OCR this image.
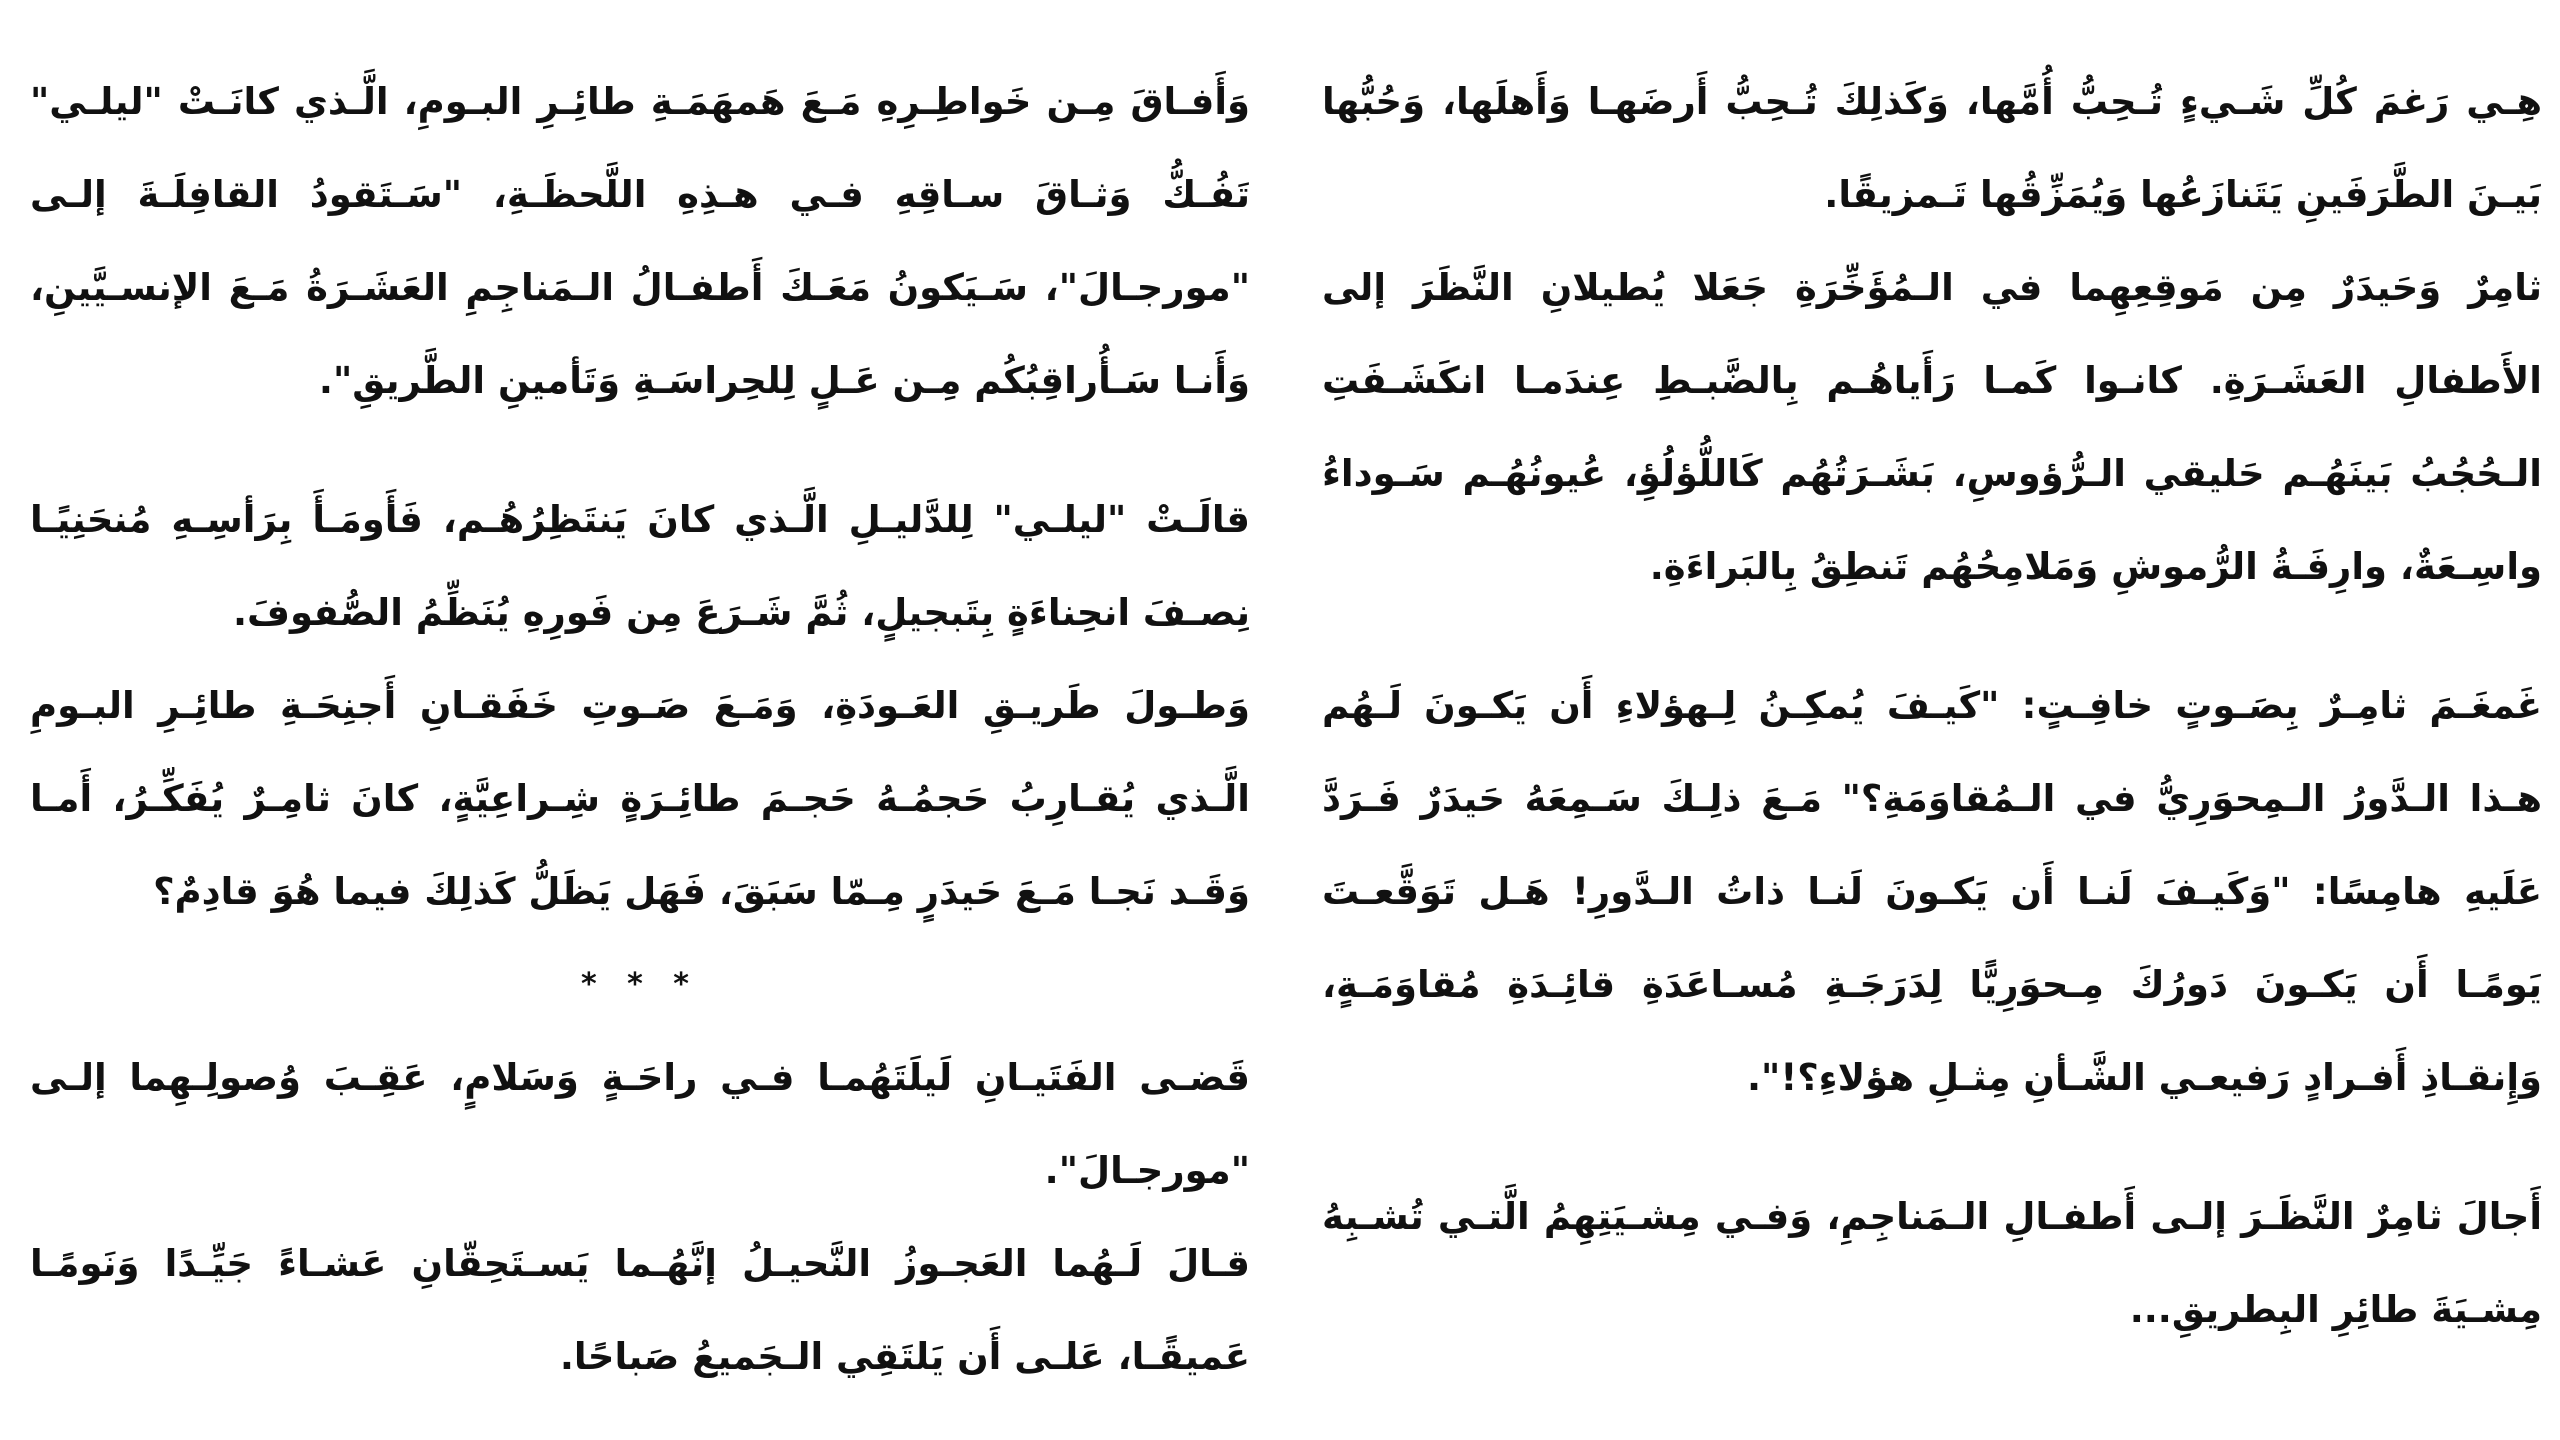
هِـي رَغمَ كُلِّ شَـيءٍ تُـحِبُّ أُمَّها، وَكَذلِكَ تُـحِبُّ أَرضَهـا وَأَهلَها، وَحُبُّها بَيـنَ الطَّرَفَينِ يَتَنازَعُها وَيُمَزِّقُها تَـمزيقًا.

ثامِرٌ وَحَيدَرٌ مِن مَوقِعِهِما في الـمُؤَخِّرَةِ جَعَلا يُطيلانِ النَّظَرَ إلى الأَطفالِ العَشَـرَةِ. كانـوا كَمـا رَأَياهُـم بِالضَّبـطِ عِندَمـا انكَشَـفَتِ الـحُجُبُ بَينَهُـم حَليقي الـرُّؤوسِ، بَشَـرَتُهُم كَاللُّؤلُؤِ، عُيونُهُـم سَـوداءُ واسِـعَةٌ، وارِفَـةُ الرُّموشِ وَمَلامِحُهُم تَنطِقُ بِالبَراءَةِ.

غَمغَـمَ ثامِـرٌ بِصَـوتٍ خافِـتٍ: "كَيـفَ يُمكِـنُ لِـهؤلاءِ أَن يَكـونَ لَـهُم هـذا الـدَّورُ الـمِحوَرِيُّ في الـمُقاوَمَةِ؟" مَـعَ ذلِـكَ سَـمِعَهُ حَيدَرٌ فَـرَدَّ عَلَيهِ هامِسًا: "وَكَيـفَ لَنـا أَن يَكـونَ لَنـا ذاتُ الـدَّورِ! هَـل تَوَقَّعـتَ يَومًـا أَن يَكـونَ دَورُكَ مِـحوَرِيًّا لِدَرَجَـةِ مُسـاعَدَةِ قائِـدَةِ مُقاوَمَـةٍ، وَإِنقـاذِ أَفـرادٍ رَفيعـي الشَّـأنِ مِثـلِ هؤلاءِ؟!".

أَجالَ ثامِرٌ النَّظَـرَ إلـى أَطفـالِ الـمَناجِمِ، وَفـي مِشـيَتِهِمُ الَّتـي تُشـبِهُ مِشـيَةَ طائِرِ البِطريقِ...

وَأَفـاقَ مِـن خَواطِـرِهِ مَـعَ هَمهَمَـةِ طائِـرِ البـومِ، الَّـذي كانَـتْ "ليلـي" تَفُـكُّ وَثـاقَ سـاقِهِ فـي هـذِهِ اللَّحظَـةِ، "سَـتَقودُ القافِلَـةَ إلـى "مورجـالَ"، سَـيَكونُ مَعَـكَ أَطفـالُ الـمَناجِمِ العَشَـرَةُ مَـعَ الإنسـيَّينِ، وَأَنـا سَـأُراقِبُكُم مِـن عَـلٍ لِلحِراسَـةِ وَتَأمينِ الطَّريقِ".

قالَـتْ "ليلـي" لِلدَّليـلِ الَّـذي كانَ يَنتَظِرُهُـم، فَأَومَـأَ بِرَأسِـهِ مُنحَنِيًـا نِصـفَ انحِناءَةٍ بِتَبجيلٍ، ثُمَّ شَـرَعَ مِن فَورِهِ يُنَظِّمُ الصُّفوفَ.

وَطـولَ طَريـقِ العَـودَةِ، وَمَـعَ صَـوتِ خَفَقـانِ أَجنِحَـةِ طائِـرِ البـومِ الَّـذي يُقـارِبُ حَجمُـهُ حَجـمَ طائِـرَةٍ شِـراعِيَّةٍ، كانَ ثامِـرٌ يُفَكِّـرُ، أَمـا وَقَـد نَجـا مَـعَ حَيدَرٍ مِـمّا سَبَقَ، فَهَل يَظَلُّ كَذلِكَ فيما هُوَ قادِمٌ؟

* * *

قَضـى الفَتَيـانِ لَيلَتَهُمـا فـي راحَـةٍ وَسَلامٍ، عَقِـبَ وُصولِـهِما إلـى "مورجـالَ".

قـالَ لَـهُما العَجـوزُ النَّحيـلُ إنَّهُـما يَسـتَحِقّانِ عَشـاءً جَيِّـدًا وَنَومًـا عَميقًـا، عَلـى أَن يَلتَقِي الـجَميعُ صَباحًا.
